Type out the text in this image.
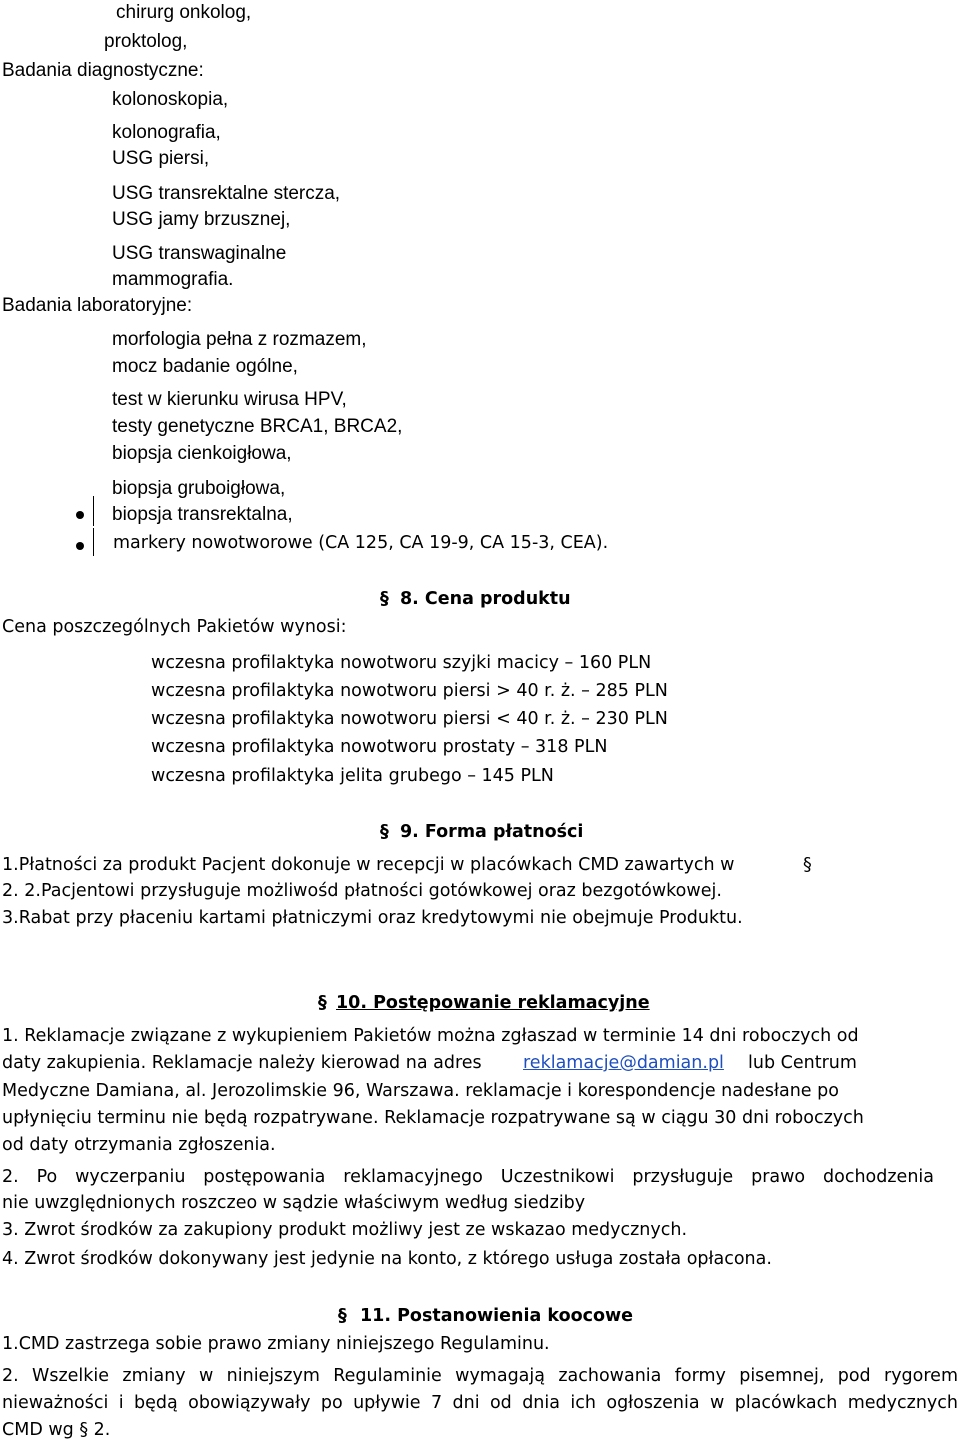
chirurg onkolog,
proktolog,
Badania diagnostyczne:
kolonoskopia,
kolonografia,
USG piersi,
USG transrektalne stercza,
USG jamy brzusznej,
USG transwaginalne
mammografia.
Badania laboratoryjne:
morfologia pełna z rozmazem,
mocz badanie ogólne,
test w kierunku wirusa HPV,
testy genetyczne BRCA1, BRCA2,
biopsja cienkoigłowa,
biopsja gruboigłowa,
biopsja transrektalna,
markery nowotworowe (CA 125, CA 19-9, CA 15-3, CEA).
§ 8. Cena produktu
Cena poszczególnych Pakietów wynosi:
wczesna profilaktyka nowotworu szyjki macicy – 160 PLN
wczesna profilaktyka nowotworu piersi > 40 r. ż. – 285 PLN
wczesna profilaktyka nowotworu piersi < 40 r. ż. – 230 PLN
wczesna profilaktyka nowotworu prostaty – 318 PLN
wczesna profilaktyka jelita grubego – 145 PLN
§ 9. Forma płatności
1.Płatności za produkt Pacjent dokonuje w recepcji w placówkach CMD zawartych w	§
2. 2.Pacjentowi przysługuje możliwośd płatności gotówkowej oraz bezgotówkowej.
3.Rabat przy płaceniu kartami płatniczymi oraz kredytowymi nie obejmuje Produktu.
§ 10. Postępowanie reklamacyjne
1. Reklamacje związane z wykupieniem Pakietów można zgłaszad w terminie 14 dni roboczych od
daty zakupienia. Reklamacje należy kierowad na adres reklamacje@damian.pl lub Centrum
Medyczne Damiana, al. Jerozolimskie 96, Warszawa. reklamacje i korespondencje nadesłane po
upłynięciu terminu nie będą rozpatrywane. Reklamacje rozpatrywane są w ciągu 30 dni roboczych
od daty otrzymania zgłoszenia.
2. Po wyczerpaniu postępowania reklamacyjnego Uczestnikowi przysługuje prawo dochodzenia
nie uwzględnionych roszczeo w sądzie właściwym według siedziby
3. Zwrot środków za zakupiony produkt możliwy jest ze wskazao medycznych.
4. Zwrot środków dokonywany jest jedynie na konto, z którego usługa została opłacona.
§ 11. Postanowienia koocowe
1.CMD zastrzega sobie prawo zmiany niniejszego Regulaminu.
2. Wszelkie zmiany w niniejszym Regulaminie wymagają zachowania formy pisemnej, pod rygorem
nieważności i będą obowiązywały po upływie 7 dni od dnia ich ogłoszenia w placówkach medycznych
CMD wg § 2.
